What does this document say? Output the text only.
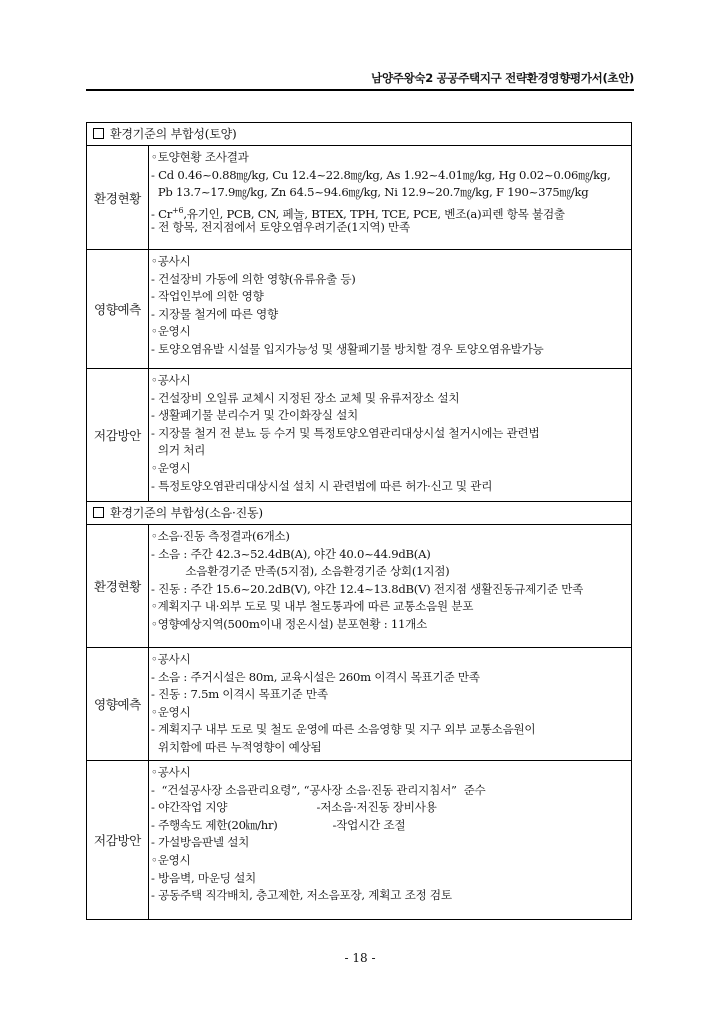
남양주왕숙2 공공주택지구 전략환경영향평가서(초안)
환경기준의 부합성(토양)
환경현황
◦토양현황 조사결과
- Cd 0.46~0.88㎎/kg, Cu 12.4~22.8㎎/kg, As 1.92~4.01㎎/kg, Hg 0.02~0.06㎎/kg,
Pb 13.7~17.9㎎/kg, Zn 64.5~94.6㎎/kg, Ni 12.9~20.7㎎/kg, F 190~375㎎/kg
- $Cr^{+6}$,유기인, PCB, CN, 페놀, BTEX, TPH, TCE, PCE, 벤조(a)피렌 항목 불검출
- 전 항목, 전지점에서 토양오염우려기준(1지역) 만족
영향예측
◦공사시
- 건설장비 가동에 의한 영향(유류유출 등)
- 작업인부에 의한 영향
- 지장물 철거에 따른 영향
◦운영시
- 토양오염유발 시설물 입지가능성 및 생활폐기물 방치할 경우 토양오염유발가능
저감방안
◦공사시
- 건설장비 오일류 교체시 지정된 장소 교체 및 유류저장소 설치
- 생활폐기물 분리수거 및 간이화장실 설치
- 지장물 철거 전 분뇨 등 수거 및 특정토양오염관리대상시설 철거시에는 관련법
의거 처리
◦운영시
- 특정토양오염관리대상시설 설치 시 관련법에 따른 허가·신고 및 관리
환경기준의 부합성(소음·진동)
환경현황
◦소음·진동 측정결과(6개소)
- 소음 : 주간 42.3~52.4dB(A), 야간 40.0~44.9dB(A)
소음환경기준 만족(5지점), 소음환경기준 상회(1지점)
- 진동 : 주간 15.6~20.2dB(V), 야간 12.4~13.8dB(V) 전지점 생활진동규제기준 만족
◦계획지구 내·외부 도로 및 내부 철도통과에 따른 교통소음원 분포
◦영향예상지역(500m이내 정온시설) 분포현황 : 11개소
영향예측
◦공사시
- 소음 : 주거시설은 80m, 교육시설은 260m 이격시 목표기준 만족
- 진동 : 7.5m 이격시 목표기준 만족
◦운영시
- 계획지구 내부 도로 및 철도 운영에 따른 소음영향 및 지구 외부 교통소음원이
위치함에 따른 누적영향이 예상됨
저감방안
◦공사시
-  “건설공사장 소음관리요령”, “공사장 소음·진동 관리지침서”  준수
- 야간작업 지양                          -저소음·저진동 장비사용
- 주행속도 제한(20㎞/hr)                -작업시간 조절
- 가설방음판넬 설치
◦운영시
- 방음벽, 마운딩 설치
- 공동주택 직각배치, 층고제한, 저소음포장, 계획고 조정 검토
- 18 -
